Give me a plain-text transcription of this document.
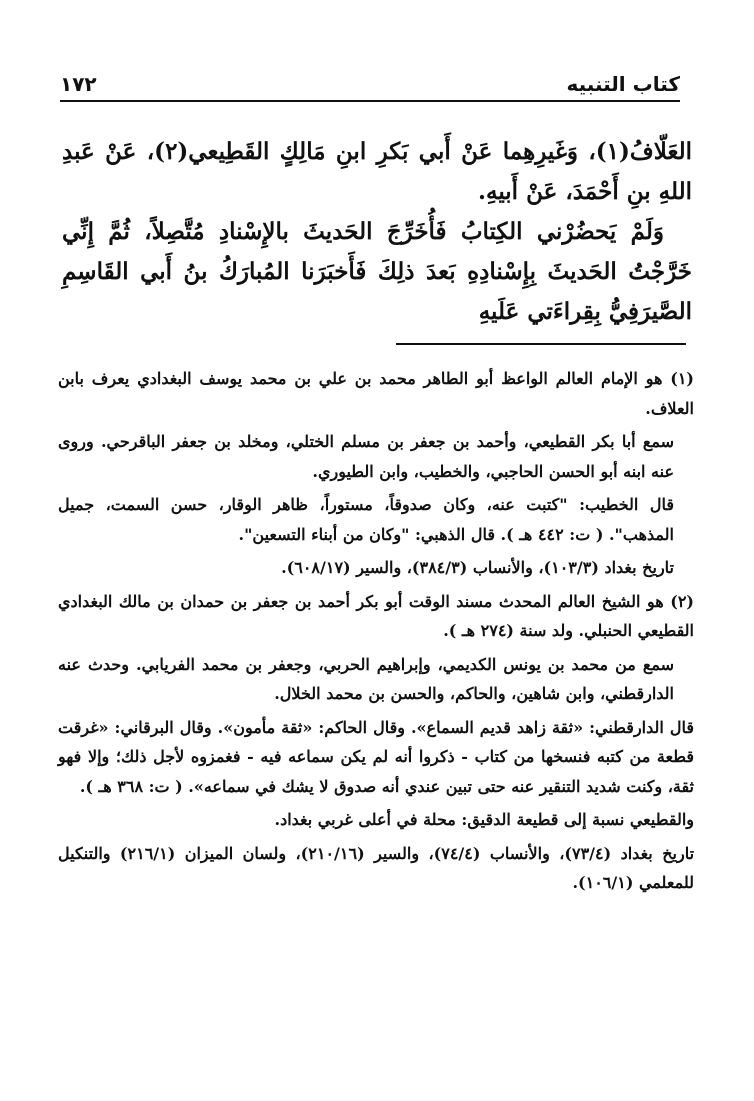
١٧٢	كتاب التنبيه

العَلّافُ(١)، وَغَيرِهِما عَنْ أَبي بَكرِ ابنِ مَالِكٍ القَطِيعي(٢)، عَنْ عَبدِ اللهِ بنِ أَحْمَدَ، عَنْ أَبيهِ.

وَلَمْ يَحضُرْني الكِتابُ فَأُخَرِّجَ الحَديثَ بالإِسْنادِ مُتَّصِلاً، ثُمَّ إِنِّي خَرَّجْتُ الحَديثَ بِإِسْنادِهِ بَعدَ ذلِكَ فَأَخبَرَنا المُبارَكُ بنُ أَبي القَاسِمِ الصَّيرَفِيُّ بِقِراءَتي عَلَيهِ

(١) هو الإمام العالم الواعظ أبو الطاهر محمد بن علي بن محمد يوسف البغدادي يعرف بابن العلاف.

سمع أبا بكر القطيعي، وأحمد بن جعفر بن مسلم الختلي، ومخلد بن جعفر الباقرحي. وروى عنه ابنه أبو الحسن الحاجبي، والخطيب، وابن الطيوري.

قال الخطيب: "كتبت عنه، وكان صدوقاً، مستوراً، ظاهر الوقار، حسن السمت، جميل المذهب". ( ت: ٤٤٢ هـ ). قال الذهبي: "وكان من أبناء التسعين".

تاريخ بغداد (١٠٣/٣)، والأنساب (٣٨٤/٣)، والسير (٦٠٨/١٧).

(٢) هو الشيخ العالم المحدث مسند الوقت أبو بكر أحمد بن جعفر بن حمدان بن مالك البغدادي القطيعي الحنبلي. ولد سنة (٢٧٤ هـ ).

سمع من محمد بن يونس الكديمي، وإبراهيم الحربي، وجعفر بن محمد الفريابي. وحدث عنه الدارقطني، وابن شاهين، والحاكم، والحسن بن محمد الخلال.

قال الدارقطني: «ثقة زاهد قديم السماع». وقال الحاكم: «ثقة مأمون». وقال البرقاني: «غرقت قطعة من كتبه فنسخها من كتاب - ذكروا أنه لم يكن سماعه فيه - فغمزوه لأجل ذلك؛ وإلا فهو ثقة، وكنت شديد التنقير عنه حتى تبين عندي أنه صدوق لا يشك في سماعه». ( ت: ٣٦٨ هـ ).

والقطيعي نسبة إلى قطيعة الدقيق: محلة في أعلى غربي بغداد.

تاريخ بغداد (٧٣/٤)، والأنساب (٧٤/٤)، والسير (٢١٠/١٦)، ولسان الميزان (٢١٦/١) والتنكيل للمعلمي (١٠٦/١).
